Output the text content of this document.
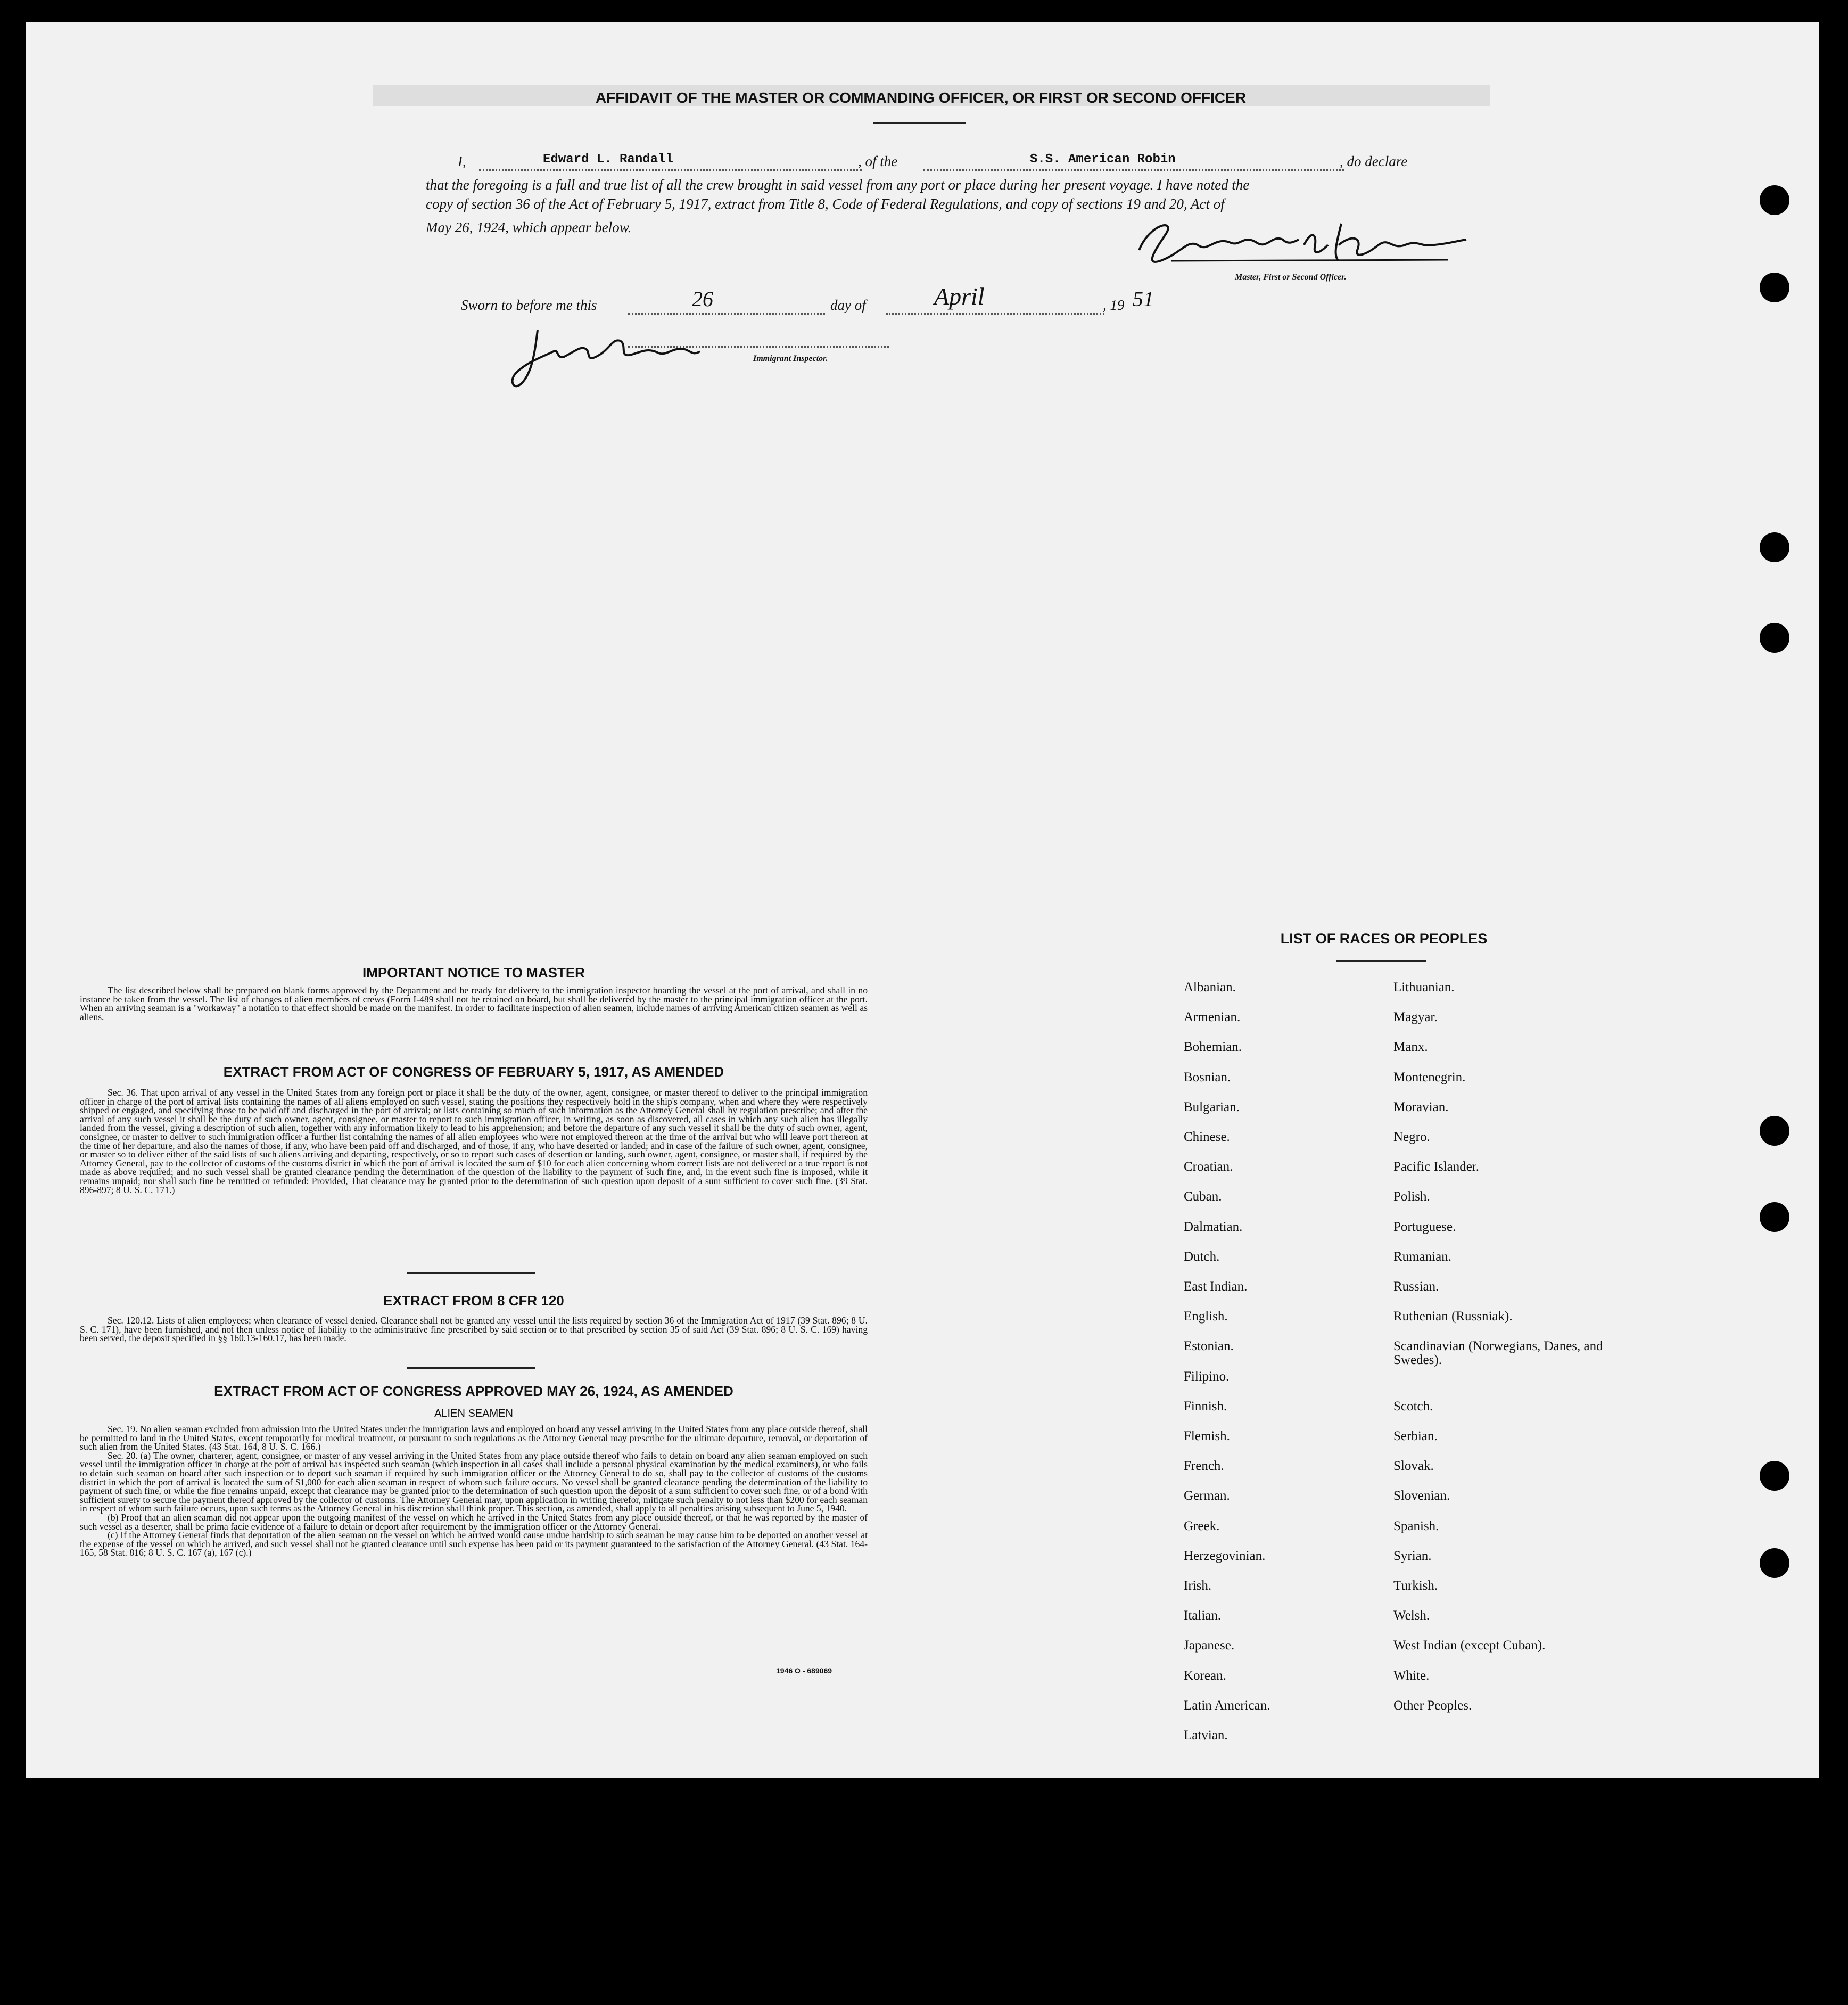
AFFIDAVIT OF THE MASTER OR COMMANDING OFFICER, OR FIRST OR SECOND OFFICER
I,	Edward L. Randall	, of the	S.S. American Robin	, do declare
that the foregoing is a full and true list of all the crew brought in said vessel from any port or place during her present voyage. I have noted the
copy of section 36 of the Act of February 5, 1917, extract from Title 8, Code of Federal Regulations, and copy of sections 19 and 20, Act of
May 26, 1924, which appear below.
Master, First or Second Officer.
Sworn to before me this	26	day of	April	, 19 51
Immigrant Inspector.
IMPORTANT NOTICE TO MASTER

The list described below shall be prepared on blank forms approved by the Department and be ready for delivery to the immigration inspector boarding the vessel at the port of arrival, and shall in no instance be taken from the vessel. The list of changes of alien members of crews (Form I-489 shall not be retained on board, but shall be delivered by the master to the principal immigration officer at the port. When an arriving seaman is a "workaway" a notation to that effect should be made on the manifest. In order to facilitate inspection of alien seamen, include names of arriving American citizen seamen as well as aliens.

EXTRACT FROM ACT OF CONGRESS OF FEBRUARY 5, 1917, AS AMENDED

Sec. 36. That upon arrival of any vessel in the United States from any foreign port or place it shall be the duty of the owner, agent, consignee, or master thereof to deliver to the principal immigration officer in charge of the port of arrival lists containing the names of all aliens employed on such vessel, stating the positions they respectively hold in the ship's company, when and where they were respectively shipped or engaged, and specifying those to be paid off and discharged in the port of arrival; or lists containing so much of such information as the Attorney General shall by regulation prescribe; and after the arrival of any such vessel it shall be the duty of such owner, agent, consignee, or master to report to such immigration officer, in writing, as soon as discovered, all cases in which any such alien has illegally landed from the vessel, giving a description of such alien, together with any information likely to lead to his apprehension; and before the departure of any such vessel it shall be the duty of such owner, agent, consignee, or master to deliver to such immigration officer a further list containing the names of all alien employees who were not employed thereon at the time of the arrival but who will leave port thereon at the time of her departure, and also the names of those, if any, who have been paid off and discharged, and of those, if any, who have deserted or landed; and in case of the failure of such owner, agent, consignee, or master so to deliver either of the said lists of such aliens arriving and departing, respectively, or so to report such cases of desertion or landing, such owner, agent, consignee, or master shall, if required by the Attorney General, pay to the collector of customs of the customs district in which the port of arrival is located the sum of $10 for each alien concerning whom correct lists are not delivered or a true report is not made as above required; and no such vessel shall be granted clearance pending the determination of the question of the liability to the payment of such fine, and, in the event such fine is imposed, while it remains unpaid; nor shall such fine be remitted or refunded: Provided, That clearance may be granted prior to the determination of such question upon deposit of a sum sufficient to cover such fine. (39 Stat. 896-897; 8 U. S. C. 171.)

EXTRACT FROM 8 CFR 120

Sec. 120.12. Lists of alien employees; when clearance of vessel denied. Clearance shall not be granted any vessel until the lists required by section 36 of the Immigration Act of 1917 (39 Stat. 896; 8 U. S. C. 171), have been furnished, and not then unless notice of liability to the administrative fine prescribed by said section or to that prescribed by section 35 of said Act (39 Stat. 896; 8 U. S. C. 169) having been served, the deposit specified in §§ 160.13-160.17, has been made.

EXTRACT FROM ACT OF CONGRESS APPROVED MAY 26, 1924, AS AMENDED
ALIEN SEAMEN

Sec. 19. No alien seaman excluded from admission into the United States under the immigration laws and employed on board any vessel arriving in the United States from any place outside thereof, shall be permitted to land in the United States, except temporarily for medical treatment, or pursuant to such regulations as the Attorney General may prescribe for the ultimate departure, removal, or deportation of such alien from the United States. (43 Stat. 164, 8 U. S. C. 166.)

Sec. 20. (a) The owner, charterer, agent, consignee, or master of any vessel arriving in the United States from any place outside thereof who fails to detain on board any alien seaman employed on such vessel until the immigration officer in charge at the port of arrival has inspected such seaman (which inspection in all cases shall include a personal physical examination by the medical examiners), or who fails to detain such seaman on board after such inspection or to deport such seaman if required by such immigration officer or the Attorney General to do so, shall pay to the collector of customs of the customs district in which the port of arrival is located the sum of $1,000 for each alien seaman in respect of whom such failure occurs. No vessel shall be granted clearance pending the determination of the liability to payment of such fine, or while the fine remains unpaid, except that clearance may be granted prior to the determination of such question upon the deposit of a sum sufficient to cover such fine, or of a bond with sufficient surety to secure the payment thereof approved by the collector of customs. The Attorney General may, upon application in writing therefor, mitigate such penalty to not less than $200 for each seaman in respect of whom such failure occurs, upon such terms as the Attorney General in his discretion shall think proper. This section, as amended, shall apply to all penalties arising subsequent to June 5, 1940.

(b) Proof that an alien seaman did not appear upon the outgoing manifest of the vessel on which he arrived in the United States from any place outside thereof, or that he was reported by the master of such vessel as a deserter, shall be prima facie evidence of a failure to detain or deport after requirement by the immigration officer or the Attorney General.

(c) If the Attorney General finds that deportation of the alien seaman on the vessel on which he arrived would cause undue hardship to such seaman he may cause him to be deported on another vessel at the expense of the vessel on which he arrived, and such vessel shall not be granted clearance until such expense has been paid or its payment guaranteed to the satisfaction of the Attorney General. (43 Stat. 164-165, 58 Stat. 816; 8 U. S. C. 167 (a), 167 (c).)

1946 O - 689069
LIST OF RACES OR PEOPLES
Albanian.
Armenian.
Bohemian.
Bosnian.
Bulgarian.
Chinese.
Croatian.
Cuban.
Dalmatian.
Dutch.
East Indian.
English.
Estonian.
Filipino.
Finnish.
Flemish.
French.
German.
Greek.
Herzegovinian.
Irish.
Italian.
Japanese.
Korean.
Latin American.
Latvian.
Lithuanian.
Magyar.
Manx.
Montenegrin.
Moravian.
Negro.
Pacific Islander.
Polish.
Portuguese.
Rumanian.
Russian.
Ruthenian (Russniak).
Scandinavian (Norwegians, Danes, and Swedes).
Scotch.
Serbian.
Slovak.
Slovenian.
Spanish.
Syrian.
Turkish.
Welsh.
West Indian (except Cuban).
White.
Other Peoples.
